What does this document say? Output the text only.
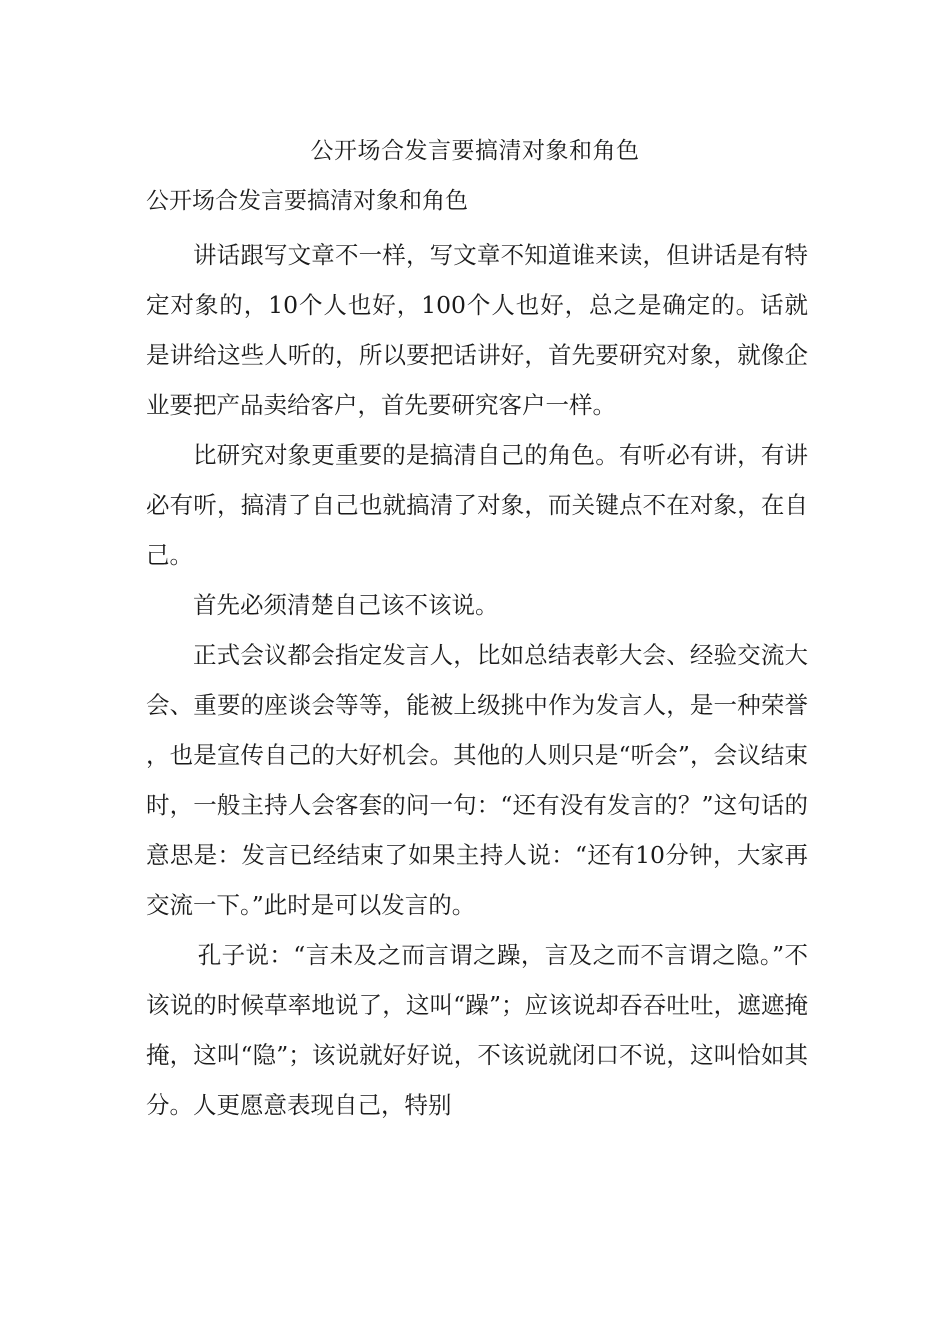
公开场合发言要搞清对象和角色
公开场合发言要搞清对象和角色

讲话跟写文章不一样，写文章不知道谁来读，但讲话是有特定对象的，10个人也好，100个人也好，总之是确定的。话就是讲给这些人听的，所以要把话讲好，首先要研究对象，就像企业要把产品卖给客户，首先要研究客户一样。

比研究对象更重要的是搞清自己的角色。有听必有讲，有讲必有听，搞清了自己也就搞清了对象，而关键点不在对象，在自己。

首先必须清楚自己该不该说。

正式会议都会指定发言人，比如总结表彰大会、经验交流大会、重要的座谈会等等，能被上级挑中作为发言人，是一种荣誉，也是宣传自己的大好机会。其他的人则只是“听会”，会议结束时，一般主持人会客套的问一句：“还有没有发言的？”这句话的意思是：发言已经结束了如果主持人说：“还有10分钟，大家再交流一下。”此时是可以发言的。

孔子说：“言未及之而言谓之躁，言及之而不言谓之隐。”不该说的时候草率地说了，这叫“躁”；应该说却吞吞吐吐，遮遮掩掩，这叫“隐”；该说就好好说，不该说就闭口不说，这叫恰如其分。人更愿意表现自己，特别
